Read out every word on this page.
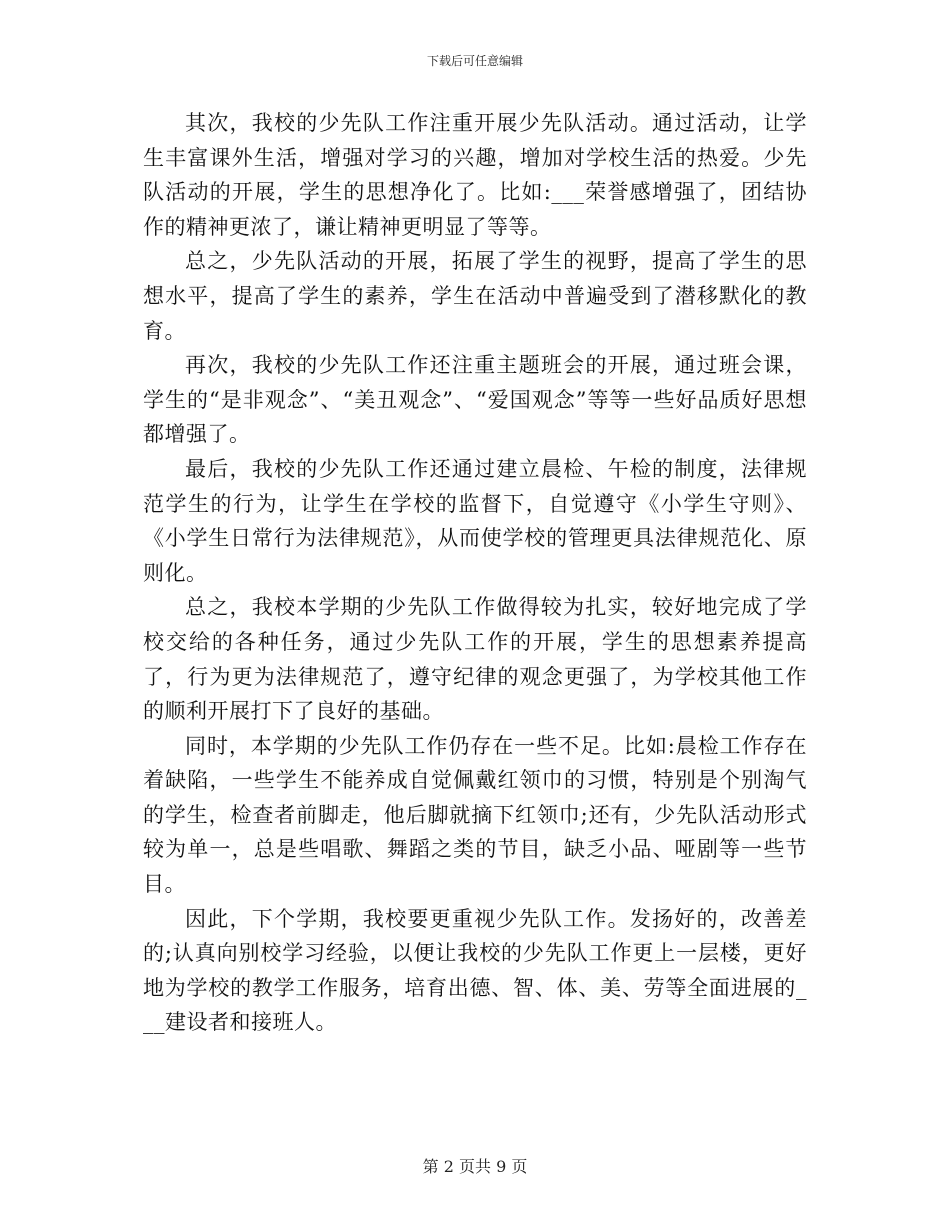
下载后可任意编辑

其次，我校的少先队工作注重开展少先队活动。通过活动，让学生丰富课外生活，增强对学习的兴趣，增加对学校生活的热爱。少先队活动的开展，学生的思想净化了。比如:___荣誉感增强了，团结协作的精神更浓了，谦让精神更明显了等等。

总之，少先队活动的开展，拓展了学生的视野，提高了学生的思想水平，提高了学生的素养，学生在活动中普遍受到了潜移默化的教育。

再次，我校的少先队工作还注重主题班会的开展，通过班会课，学生的“是非观念”、“美丑观念”、“爱国观念”等等一些好品质好思想都增强了。

最后，我校的少先队工作还通过建立晨检、午检的制度，法律规范学生的行为，让学生在学校的监督下，自觉遵守《小学生守则》、《小学生日常行为法律规范》，从而使学校的管理更具法律规范化、原则化。

总之，我校本学期的少先队工作做得较为扎实，较好地完成了学校交给的各种任务，通过少先队工作的开展，学生的思想素养提高了，行为更为法律规范了，遵守纪律的观念更强了，为学校其他工作的顺利开展打下了良好的基础。

同时，本学期的少先队工作仍存在一些不足。比如:晨检工作存在着缺陷，一些学生不能养成自觉佩戴红领巾的习惯，特别是个别淘气的学生，检查者前脚走，他后脚就摘下红领巾;还有，少先队活动形式较为单一，总是些唱歌、舞蹈之类的节目，缺乏小品、哑剧等一些节目。

因此，下个学期，我校要更重视少先队工作。发扬好的，改善差的;认真向别校学习经验，以便让我校的少先队工作更上一层楼，更好地为学校的教学工作服务，培育出德、智、体、美、劳等全面进展的___建设者和接班人。

第 2 页共 9 页
